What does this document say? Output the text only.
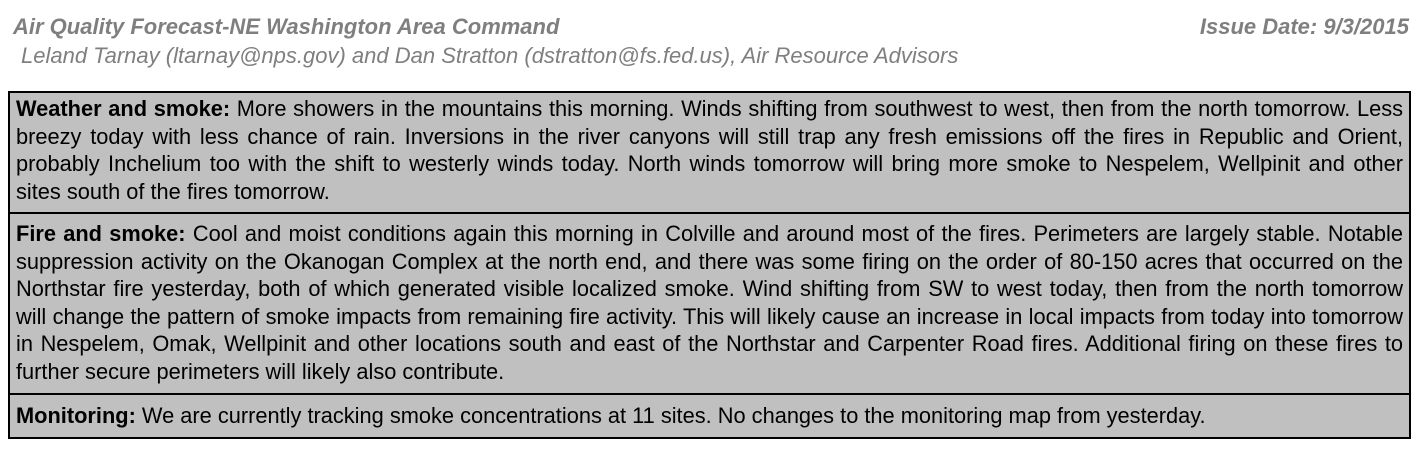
Air Quality Forecast-NE Washington Area Command	Issue Date: 9/3/2015
Leland Tarnay (ltarnay@nps.gov) and Dan Stratton (dstratton@fs.fed.us), Air Resource Advisors
Weather and smoke: More showers in the mountains this morning. Winds shifting from southwest to west, then from the north tomorrow. Less breezy today with less chance of rain. Inversions in the river canyons will still trap any fresh emissions off the fires in Republic and Orient, probably Inchelium too with the shift to westerly winds today. North winds tomorrow will bring more smoke to Nespelem, Wellpinit and other sites south of the fires tomorrow.
Fire and smoke: Cool and moist conditions again this morning in Colville and around most of the fires. Perimeters are largely stable. Notable suppression activity on the Okanogan Complex at the north end, and there was some firing on the order of 80-150 acres that occurred on the Northstar fire yesterday, both of which generated visible localized smoke. Wind shifting from SW to west today, then from the north tomorrow will change the pattern of smoke impacts from remaining fire activity. This will likely cause an increase in local impacts from today into tomorrow in Nespelem, Omak, Wellpinit and other locations south and east of the Northstar and Carpenter Road fires. Additional firing on these fires to further secure perimeters will likely also contribute.
Monitoring: We are currently tracking smoke concentrations at 11 sites. No changes to the monitoring map from yesterday.
